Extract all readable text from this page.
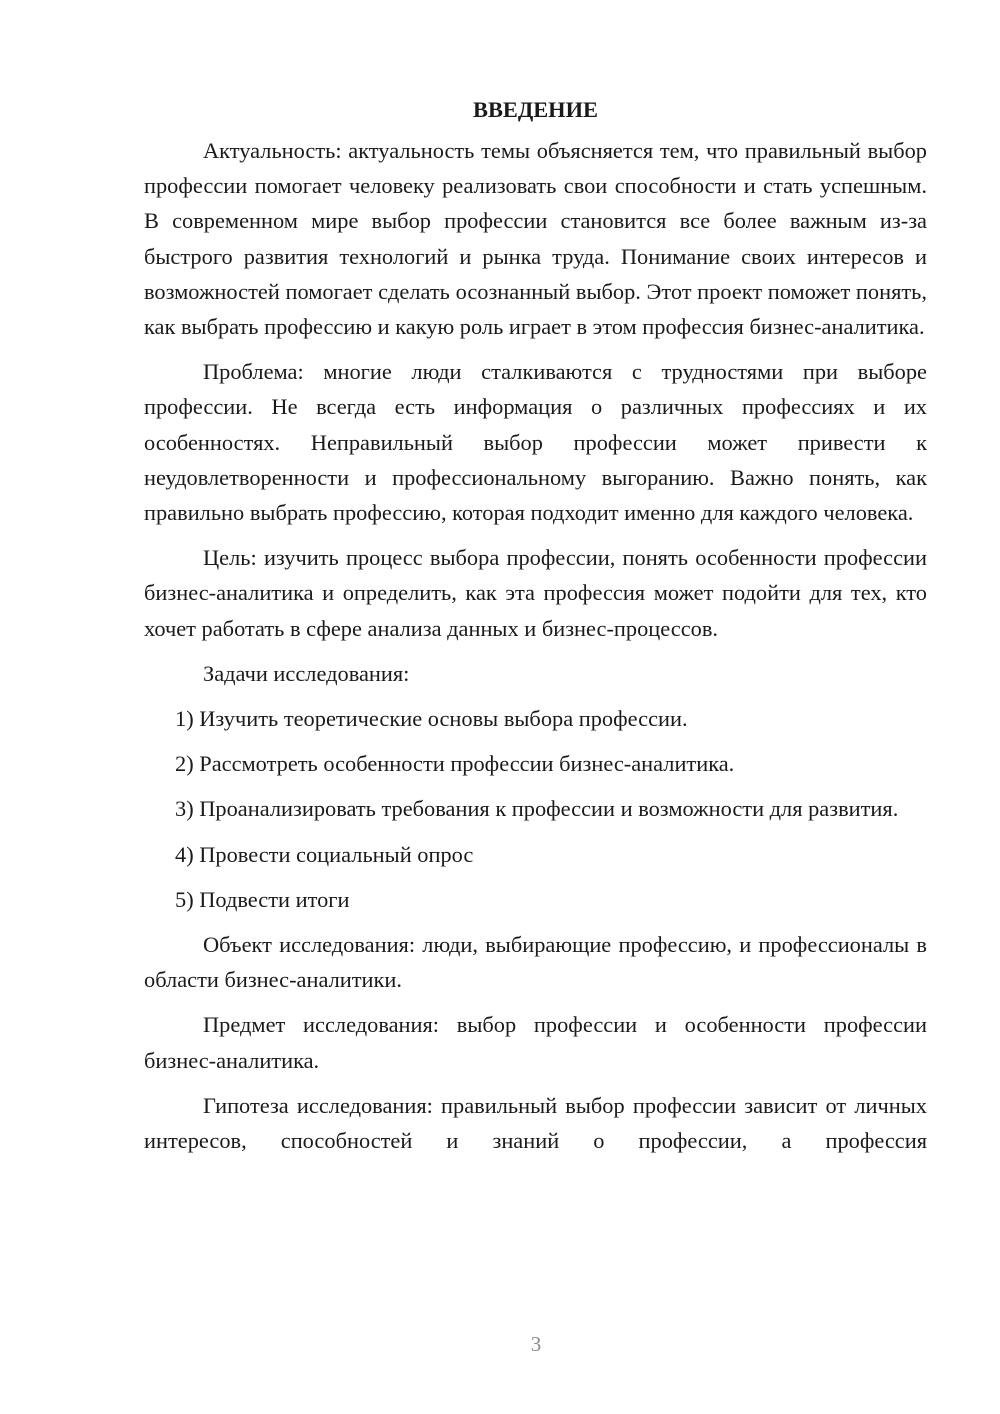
ВВЕДЕНИЕ

Актуальность: актуальность темы объясняется тем, что правильный выбор профессии помогает человеку реализовать свои способности и стать успешным. В современном мире выбор профессии становится все более важным из-за быстрого развития технологий и рынка труда. Понимание своих интересов и возможностей помогает сделать осознанный выбор. Этот проект поможет понять, как выбрать профессию и какую роль играет в этом профессия бизнес-аналитика.

Проблема: многие люди сталкиваются с трудностями при выборе профессии. Не всегда есть информация о различных профессиях и их особенностях. Неправильный выбор профессии может привести к неудовлетворенности и профессиональному выгоранию. Важно понять, как правильно выбрать профессию, которая подходит именно для каждого человека.

Цель: изучить процесс выбора профессии, понять особенности профессии бизнес-аналитика и определить, как эта профессия может подойти для тех, кто хочет работать в сфере анализа данных и бизнес-процессов.

Задачи исследования:

1) Изучить теоретические основы выбора профессии.

2) Рассмотреть особенности профессии бизнес-аналитика.

3) Проанализировать требования к профессии и возможности для развития.

4) Провести социальный опрос

5) Подвести итоги

Объект исследования: люди, выбирающие профессию, и профессионалы в области бизнес-аналитики.

Предмет исследования: выбор профессии и особенности профессии бизнес-аналитика.

Гипотеза исследования: правильный выбор профессии зависит от личных интересов, способностей и знаний о профессии, а профессия

3
